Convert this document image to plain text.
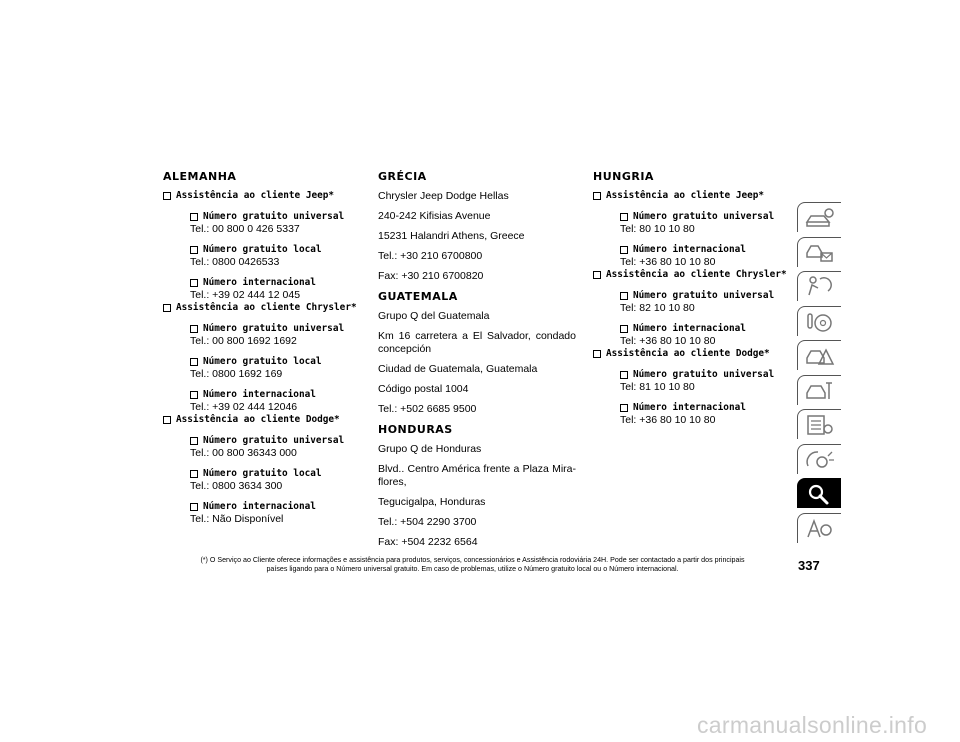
ALEMANHA
Assistência ao cliente Jeep*
Número gratuito universal
Tel.: 00 800 0 426 5337
Número gratuito local
Tel.: 0800 0426533
Número internacional
Tel.: +39 02 444 12 045
Assistência ao cliente Chrysler*
Número gratuito universal
Tel.: 00 800 1692 1692
Número gratuito local
Tel.: 0800 1692 169
Número internacional
Tel.: +39 02 444 12046
Assistência ao cliente Dodge*
Número gratuito universal
Tel.: 00 800 36343 000
Número gratuito local
Tel.: 0800 3634 300
Número internacional
Tel.: Não Disponível
GRÉCIA
Chrysler Jeep Dodge Hellas
240-242 Kifisias Avenue
15231 Halandri Athens, Greece
Tel.: +30 210 6700800
Fax: +30 210 6700820
GUATEMALA
Grupo Q del Guatemala
Km 16 carretera a El Salvador, condado concepción
Ciudad de Guatemala, Guatemala
Código postal 1004
Tel.: +502 6685 9500
HONDURAS
Grupo Q de Honduras
Blvd.. Centro América frente a Plaza Mira-flores,
Tegucigalpa, Honduras
Tel.: +504 2290 3700
Fax: +504 2232 6564
HUNGRIA
Assistência ao cliente Jeep*
Número gratuito universal
Tel: 80 10 10 80
Número internacional
Tel: +36 80 10 10 80
Assistência ao cliente Chrysler*
Número gratuito universal
Tel: 82 10 10 80
Número internacional
Tel: +36 80 10 10 80
Assistência ao cliente Dodge*
Número gratuito universal
Tel: 81 10 10 80
Número internacional
Tel: +36 80 10 10 80
(*) O Serviço ao Cliente oferece informações e assistência para produtos, serviços, concessionários e Assistência rodoviária 24H. Pode ser contactado a partir dos principais
países ligando para o Número universal gratuito. Em caso de problemas, utilize o Número gratuito local ou o Número internacional.	337
carmanualsonline.info
